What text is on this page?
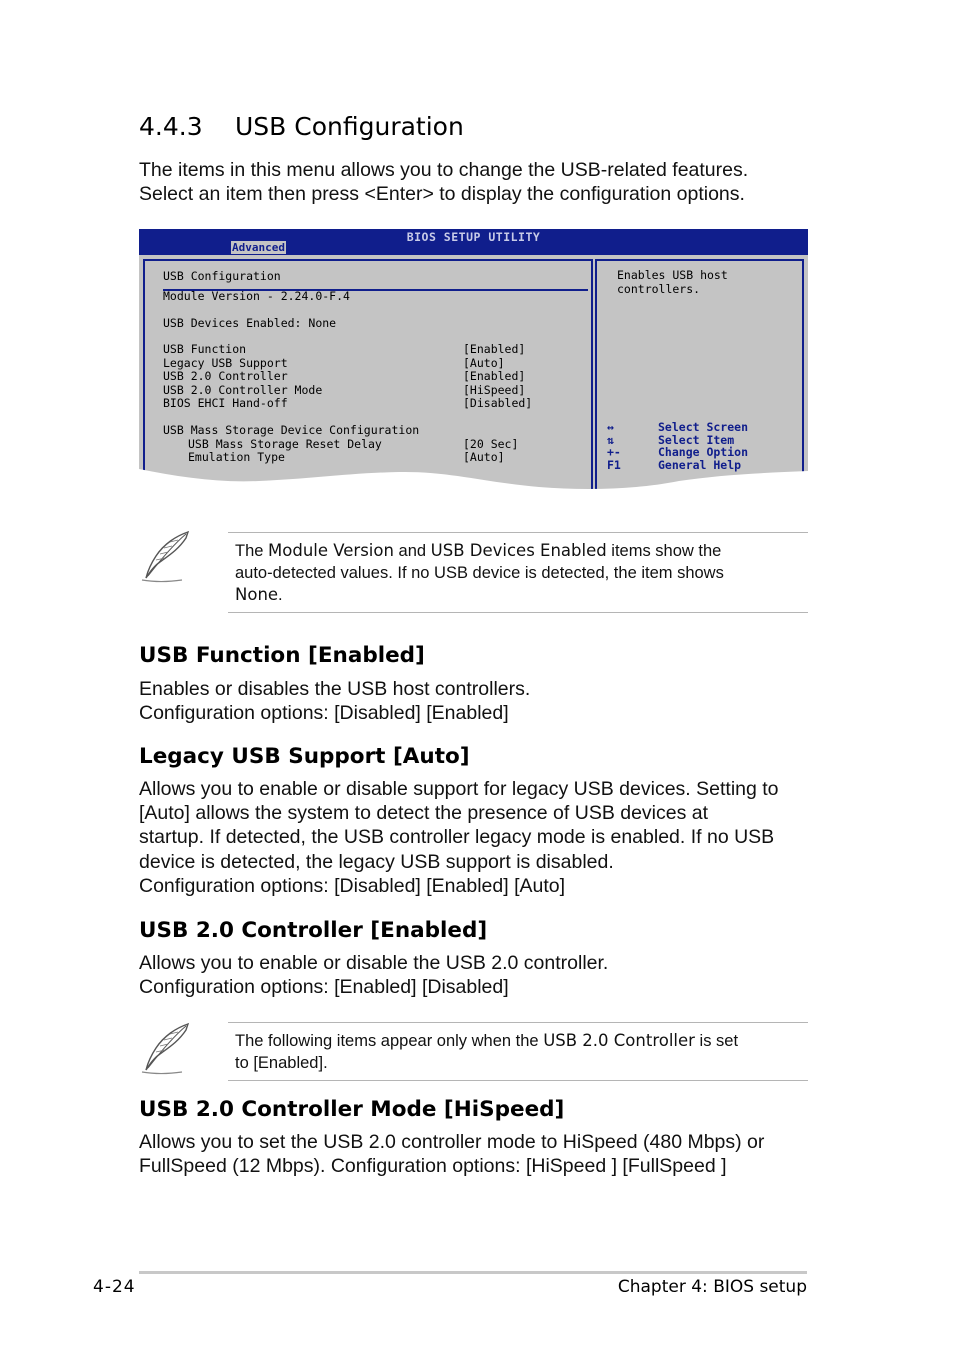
4.4.3 USB Configuration
The items in this menu allows you to change the USB-related features.
Select an item then press <Enter> to display the configuration options.
BIOS SETUP UTILITY
Advanced
USB Configuration
Module Version - 2.24.0-F.4
USB Devices Enabled: None
USB Function	[Enabled]
Legacy USB Support	[Auto]
USB 2.0 Controller	[Enabled]
USB 2.0 Controller Mode	[HiSpeed]
BIOS EHCI Hand-off	[Disabled]
USB Mass Storage Device Configuration
USB Mass Storage Reset Delay	[20 Sec]
Emulation Type	[Auto]
Enables USB host
controllers.
↔	Select Screen
⇅	Select Item
+-	Change Option
F1	General Help
The Module Version and USB Devices Enabled items show the
auto-detected values. If no USB device is detected, the item shows
None.
USB Function [Enabled]
Enables or disables the USB host controllers.
Configuration options: [Disabled] [Enabled]
Legacy USB Support [Auto]
Allows you to enable or disable support for legacy USB devices. Setting to
[Auto] allows the system to detect the presence of USB devices at
startup. If detected, the USB controller legacy mode is enabled. If no USB
device is detected, the legacy USB support is disabled.
Configuration options: [Disabled] [Enabled] [Auto]
USB 2.0 Controller [Enabled]
Allows you to enable or disable the USB 2.0 controller.
Configuration options: [Enabled] [Disabled]
The following items appear only when the USB 2.0 Controller is set
to [Enabled].
USB 2.0 Controller Mode [HiSpeed]
Allows you to set the USB 2.0 controller mode to HiSpeed (480 Mbps) or
FullSpeed (12 Mbps). Configuration options: [HiSpeed ] [FullSpeed ]
4-24	Chapter 4: BIOS setup
